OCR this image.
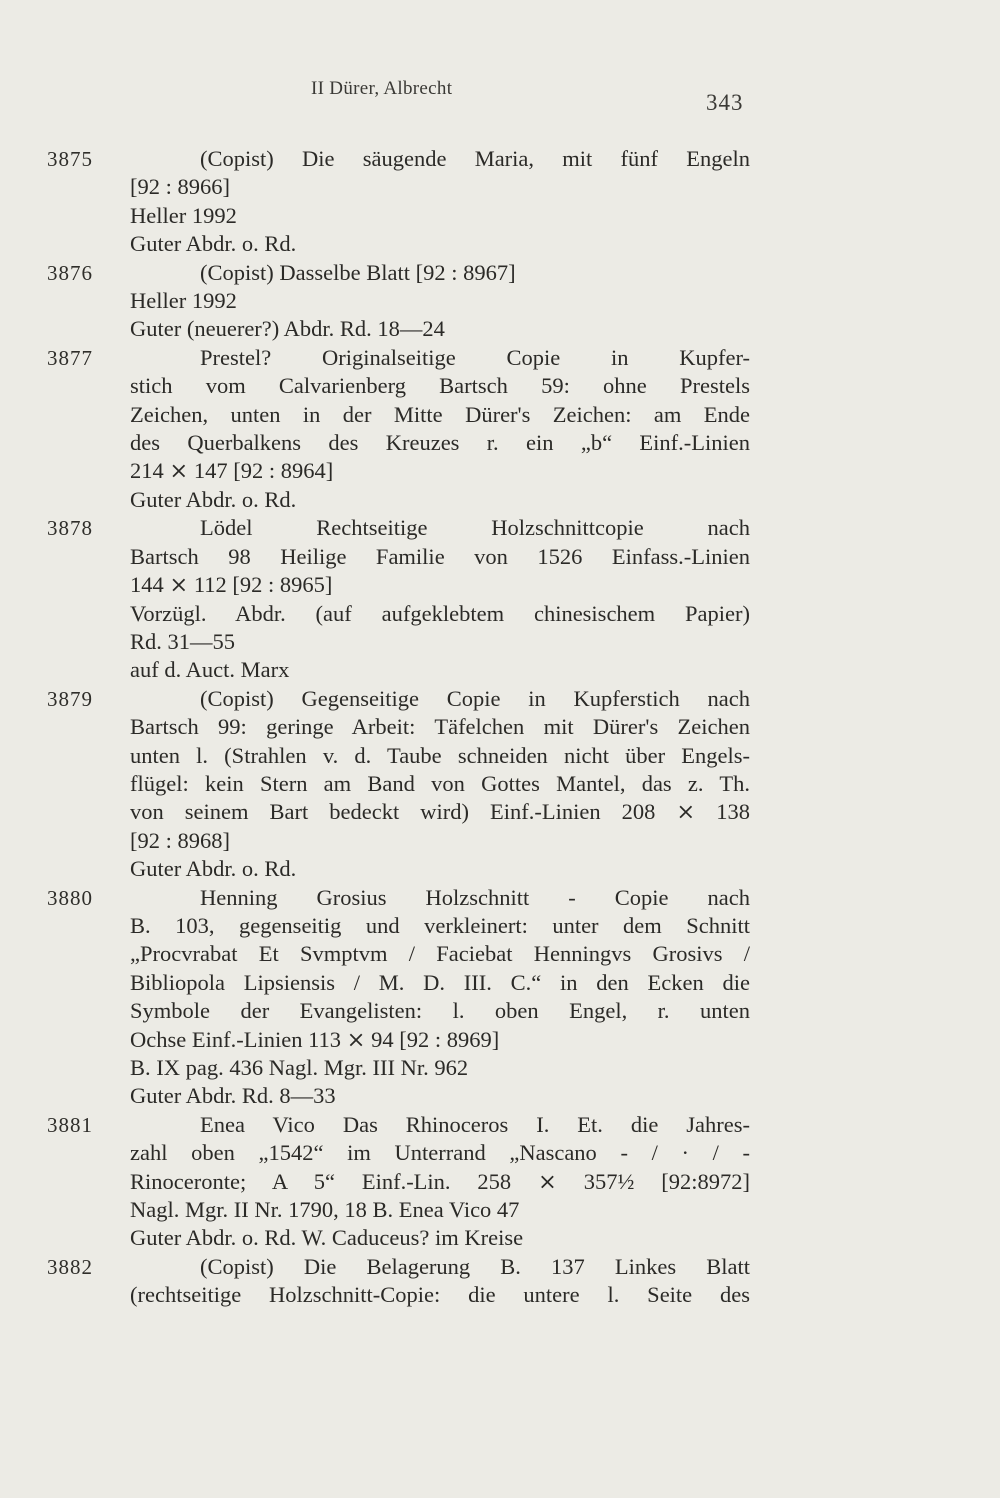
II Dürer, Albrecht
343
3875	(Copist) Die säugende Maria, mit fünf Engeln
[92 : 8966]
Heller 1992
Guter Abdr. o. Rd.
3876	(Copist) Dasselbe Blatt [92 : 8967]
Heller 1992
Guter (neuerer?) Abdr. Rd. 18—24
3877	Prestel? Originalseitige Copie in Kupfer-
stich vom Calvarienberg Bartsch 59: ohne Prestels
Zeichen, unten in der Mitte Dürer's Zeichen: am Ende
des Querbalkens des Kreuzes r. ein „b“ Einf.-Linien
214 ⨯ 147 [92 : 8964]
Guter Abdr. o. Rd.
3878	Lödel Rechtseitige Holzschnittcopie nach
Bartsch 98 Heilige Familie von 1526 Einfass.-Linien
144 ⨯ 112 [92 : 8965]
Vorzügl. Abdr. (auf aufgeklebtem chinesischem Papier)
Rd. 31—55
auf d. Auct. Marx
3879	(Copist) Gegenseitige Copie in Kupferstich nach
Bartsch 99: geringe Arbeit: Täfelchen mit Dürer's Zeichen
unten l. (Strahlen v. d. Taube schneiden nicht über Engels-
flügel: kein Stern am Band von Gottes Mantel, das z. Th.
von seinem Bart bedeckt wird) Einf.-Linien 208 ⨯ 138
[92 : 8968]
Guter Abdr. o. Rd.
3880	Henning Grosius Holzschnitt - Copie nach
B. 103, gegenseitig und verkleinert: unter dem Schnitt
„Procvrabat Et Svmptvm / Faciebat Henningvs Grosivs /
Bibliopola Lipsiensis / M. D. III. C.“ in den Ecken die
Symbole der Evangelisten: l. oben Engel, r. unten
Ochse Einf.-Linien 113 ⨯ 94 [92 : 8969]
B. IX pag. 436 Nagl. Mgr. III Nr. 962
Guter Abdr. Rd. 8—33
3881	Enea Vico Das Rhinoceros I. Et. die Jahres-
zahl oben „1542“ im Unterrand „Nascano - / · / -
Rinoceronte; A 5“ Einf.-Lin. 258 ⨯ 357½ [92:8972]
Nagl. Mgr. II Nr. 1790, 18 B. Enea Vico 47
Guter Abdr. o. Rd. W. Caduceus? im Kreise
3882	(Copist) Die Belagerung B. 137 Linkes Blatt
(rechtseitige Holzschnitt-Copie: die untere l. Seite des
